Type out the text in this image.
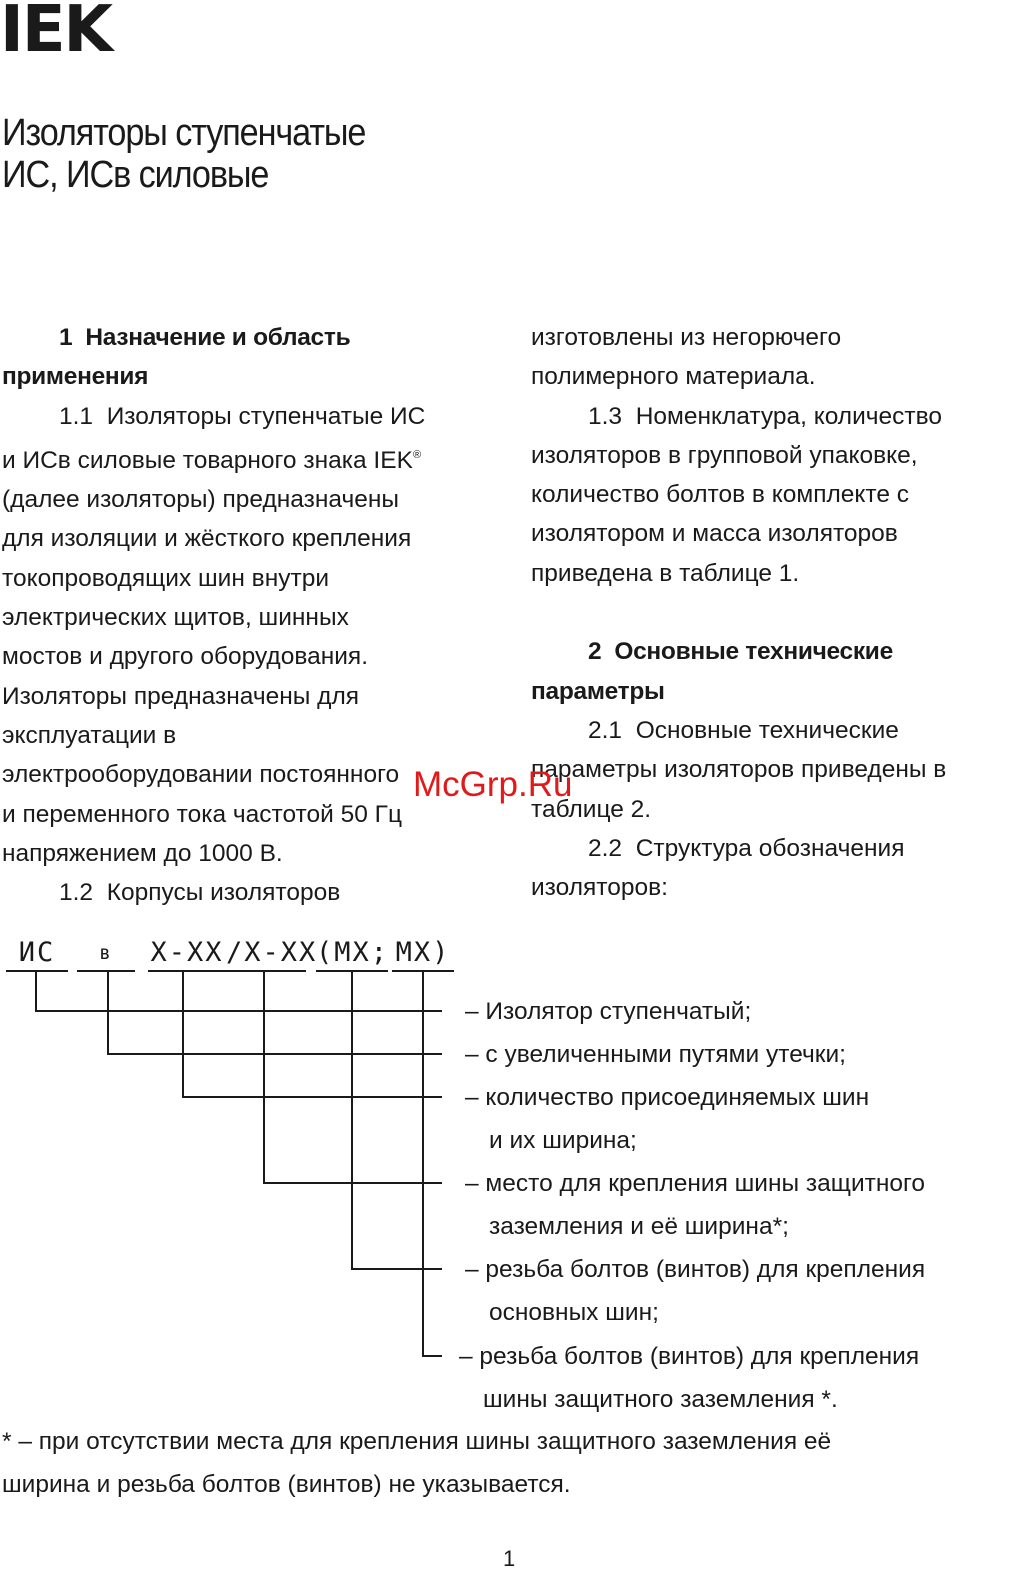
IEK
Изоляторы ступенчатые
ИС, ИСв силовые

1 Назначение и область

применения

1.1 Изоляторы ступенчатые ИС

и ИСв силовые товарного знака IEK®

(далее изоляторы) предназначены

для изоляции и жёсткого крепления

токопроводящих шин внутри

электрических щитов, шинных

мостов и другого оборудования.

Изоляторы предназначены для

эксплуатации в

электрооборудовании постоянного

и переменного тока частотой 50 Гц

напряжением до 1000 В.

1.2 Корпусы изоляторов

изготовлены из негорючего

полимерного материала.

1.3 Номенклатура, количество

изоляторов в групповой упаковке,

количество болтов в комплекте с

изолятором и масса изоляторов

приведена в таблице 1.

2 Основные технические

параметры

2.1 Основные технические

параметры изоляторов приведены в

таблице 2.

2.2 Структура обозначения

изоляторов:

McGrp.Ru
ИС	в	Х-ХХ /Х-ХХ
(МХ; МХ)
– Изолятор ступенчатый;
– с увеличенными путями утечки;
– количество присоединяемых шин
и их ширина;
– место для крепления шины защитного
заземления и её ширина*;
– резьба болтов (винтов) для крепления
основных шин;
– резьба болтов (винтов) для крепления
шины защитного заземления *.
* – при отсутствии места для крепления шины защитного заземления её
ширина и резьба болтов (винтов) не указывается.
1
